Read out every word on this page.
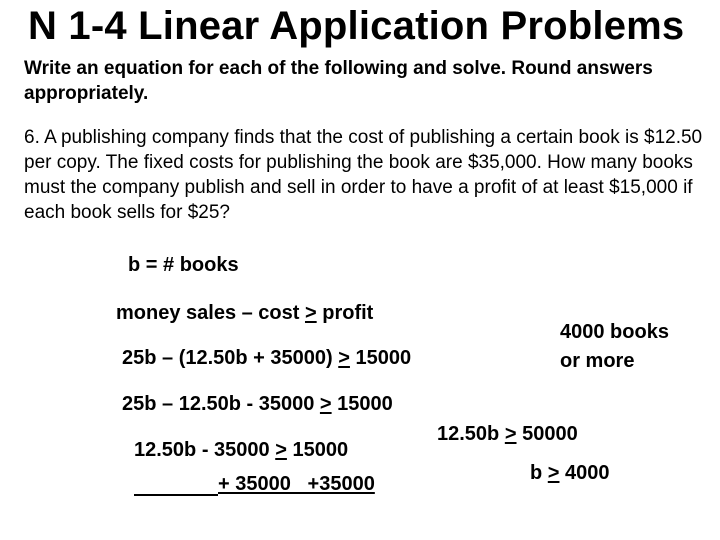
N 1-4 Linear Application Problems
Write an equation for each of the following and solve. Round answers appropriately.
6. A publishing company finds that the cost of publishing a certain book is $12.50 per copy. The fixed costs for publishing the book are $35,000. How many books must the company publish and sell in order to have a profit of at least $15,000 if each book sells for $25?
b = # books
money sales – cost > profit
25b – (12.50b + 35000) > 15000
25b – 12.50b - 35000 > 15000
12.50b - 35000 > 15000
+ 35000   +35000
12.50b > 50000
b > 4000
4000 books or more
